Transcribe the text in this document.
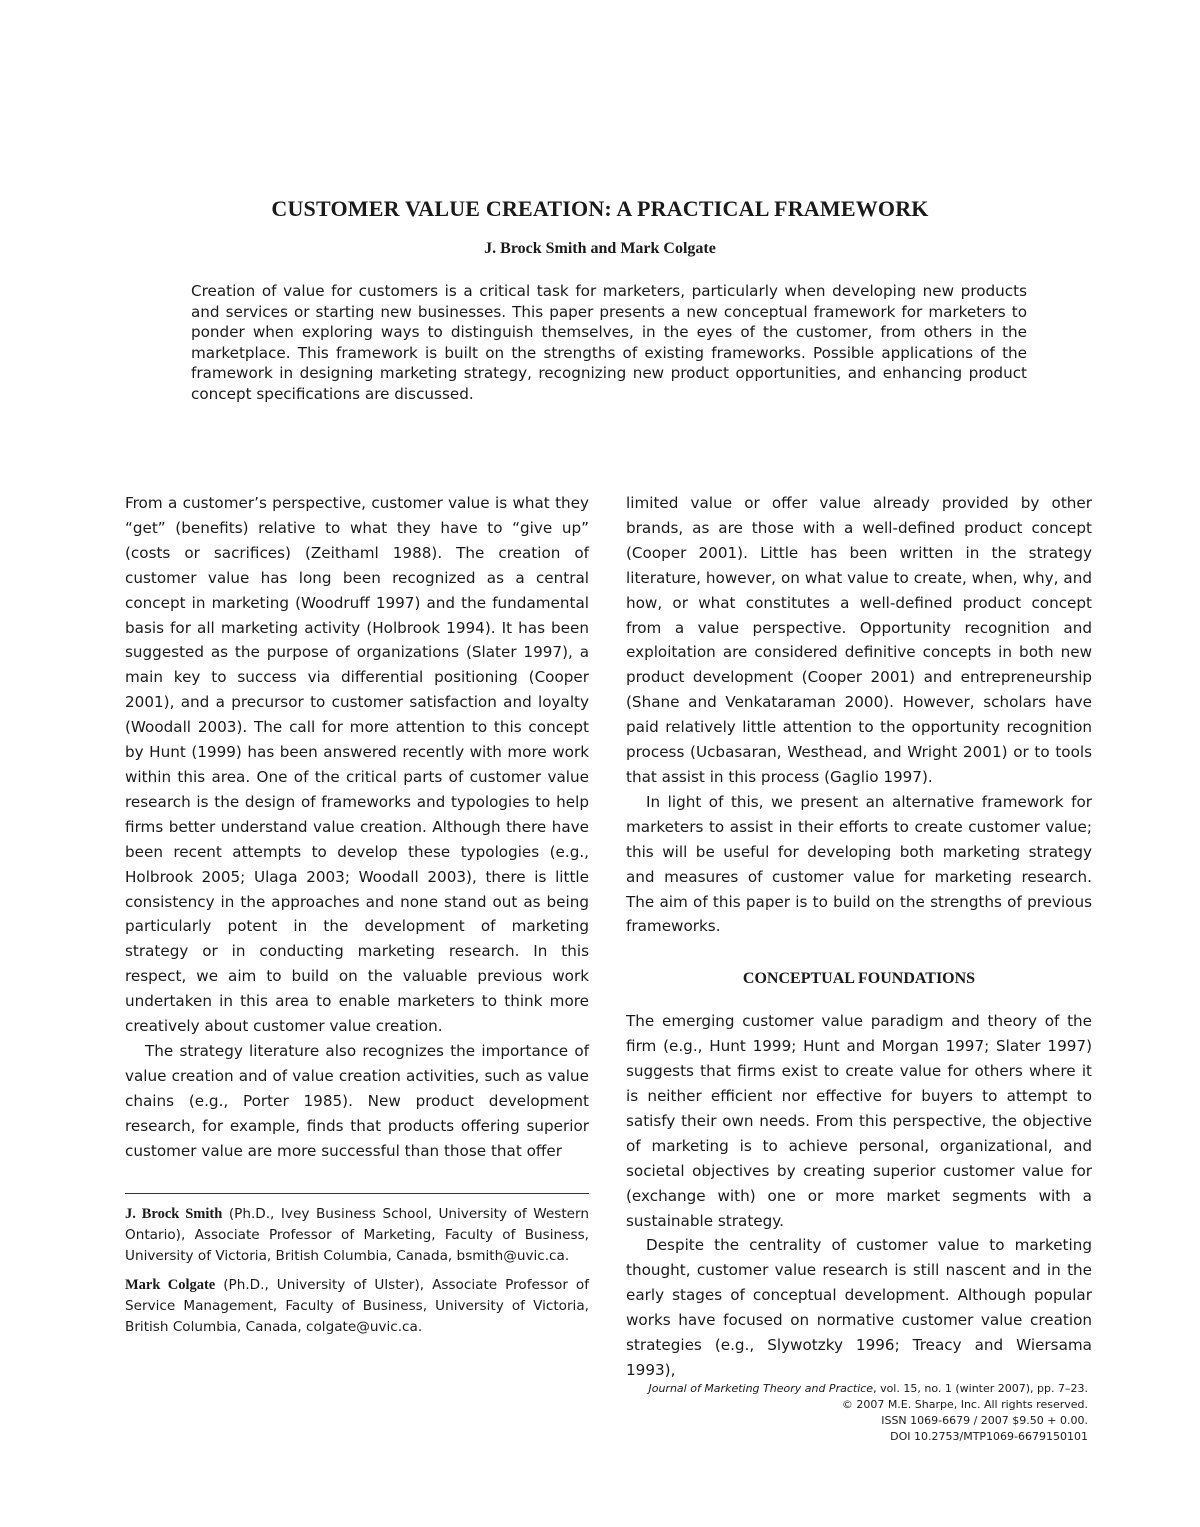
CUSTOMER VALUE CREATION: A PRACTICAL FRAMEWORK
J. Brock Smith and Mark Colgate

Creation of value for customers is a critical task for marketers, particularly when developing new products and services or starting new businesses. This paper presents a new conceptual framework for marketers to ponder when exploring ways to distinguish themselves, in the eyes of the customer, from others in the marketplace. This framework is built on the strengths of existing frameworks. Possible applications of the framework in designing marketing strategy, recognizing new product opportunities, and enhancing product concept specifications are discussed.

From a customer’s perspective, customer value is what they “get” (benefits) relative to what they have to “give up” (costs or sacrifices) (Zeithaml 1988). The creation of customer value has long been recognized as a central concept in marketing (Woodruff 1997) and the fundamental basis for all marketing activity (Holbrook 1994). It has been suggested as the purpose of organizations (Slater 1997), a main key to success via differential positioning (Cooper 2001), and a precursor to customer satisfaction and loyalty (Woodall 2003). The call for more attention to this concept by Hunt (1999) has been answered recently with more work within this area. One of the critical parts of customer value research is the design of frameworks and typologies to help firms better understand value creation. Although there have been recent attempts to develop these typologies (e.g., Holbrook 2005; Ulaga 2003; Woodall 2003), there is little consistency in the approaches and none stand out as being particularly potent in the development of marketing strategy or in conducting marketing research. In this respect, we aim to build on the valuable previous work undertaken in this area to enable marketers to think more creatively about customer value creation.

The strategy literature also recognizes the importance of value creation and of value creation activities, such as value chains (e.g., Porter 1985). New product development research, for example, finds that products offering superior customer value are more successful than those that offer

J. Brock Smith (Ph.D., Ivey Business School, University of Western Ontario), Associate Professor of Marketing, Faculty of Business, University of Victoria, British Columbia, Canada, bsmith@uvic.ca.

Mark Colgate (Ph.D., University of Ulster), Associate Professor of Service Management, Faculty of Business, University of Victoria, British Columbia, Canada, colgate@uvic.ca.

limited value or offer value already provided by other brands, as are those with a well-defined product concept (Cooper 2001). Little has been written in the strategy literature, however, on what value to create, when, why, and how, or what constitutes a well-defined product concept from a value perspective. Opportunity recognition and exploitation are considered definitive concepts in both new product development (Cooper 2001) and entrepreneurship (Shane and Venkataraman 2000). However, scholars have paid relatively little attention to the opportunity recognition process (Ucbasaran, Westhead, and Wright 2001) or to tools that assist in this process (Gaglio 1997).

In light of this, we present an alternative framework for marketers to assist in their efforts to create customer value; this will be useful for developing both marketing strategy and measures of customer value for marketing research. The aim of this paper is to build on the strengths of previous frameworks.

CONCEPTUAL FOUNDATIONS

The emerging customer value paradigm and theory of the firm (e.g., Hunt 1999; Hunt and Morgan 1997; Slater 1997) suggests that firms exist to create value for others where it is neither efficient nor effective for buyers to attempt to satisfy their own needs. From this perspective, the objective of marketing is to achieve personal, organizational, and societal objectives by creating superior customer value for (exchange with) one or more market segments with a sustainable strategy.

Despite the centrality of customer value to marketing thought, customer value research is still nascent and in the early stages of conceptual development. Although popular works have focused on normative customer value creation strategies (e.g., Slywotzky 1996; Treacy and Wiersama 1993),

Journal of Marketing Theory and Practice, vol. 15, no. 1 (winter 2007), pp. 7–23.
© 2007 M.E. Sharpe, Inc. All rights reserved.
ISSN 1069-6679 / 2007 $9.50 + 0.00.
DOI 10.2753/MTP1069-6679150101
